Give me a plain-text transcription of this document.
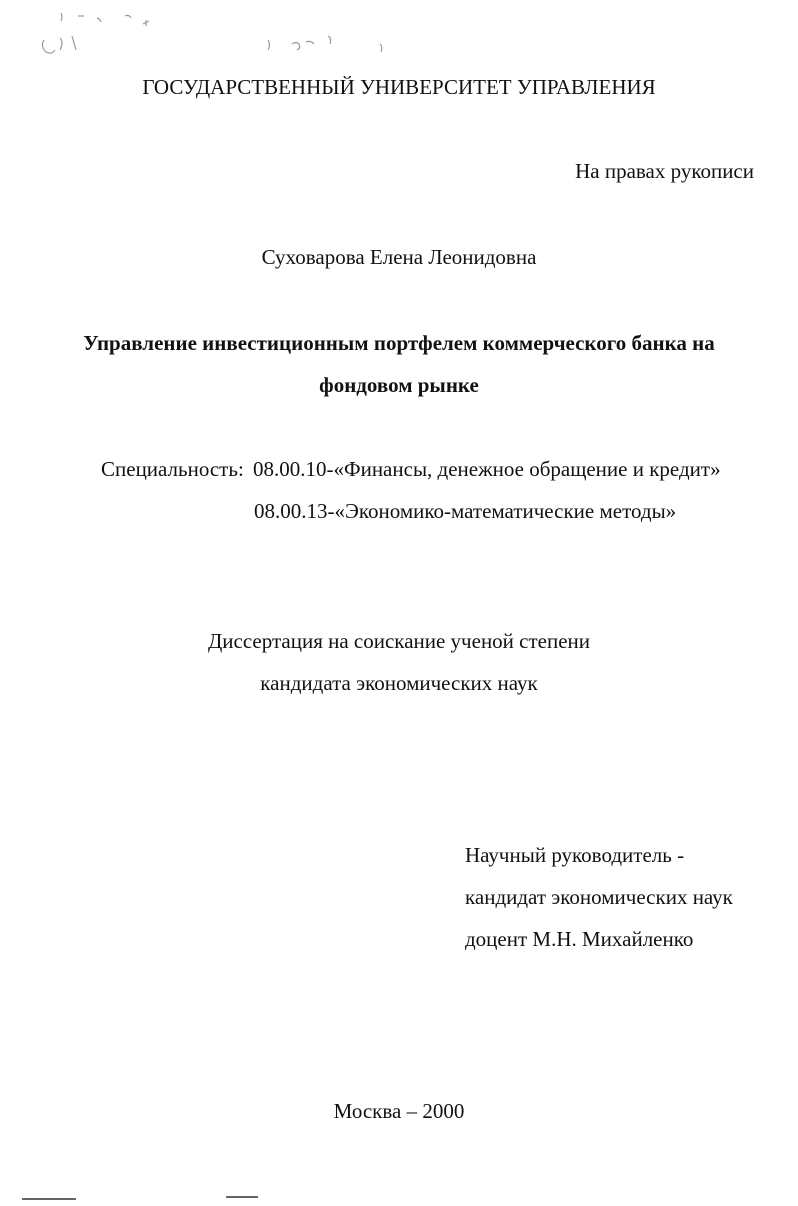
ГОСУДАРСТВЕННЫЙ УНИВЕРСИТЕТ УПРАВЛЕНИЯ
На правах рукописи
Суховарова Елена Леонидовна
Управление инвестиционным портфелем коммерческого банка на
фондовом рынке
Специальность: 08.00.10-«Финансы, денежное обращение и кредит»
08.00.13-«Экономико-математические методы»
Диссертация на соискание ученой степени
кандидата экономических наук
Научный руководитель -
кандидат экономических наук
доцент М.Н. Михайленко
Москва – 2000
